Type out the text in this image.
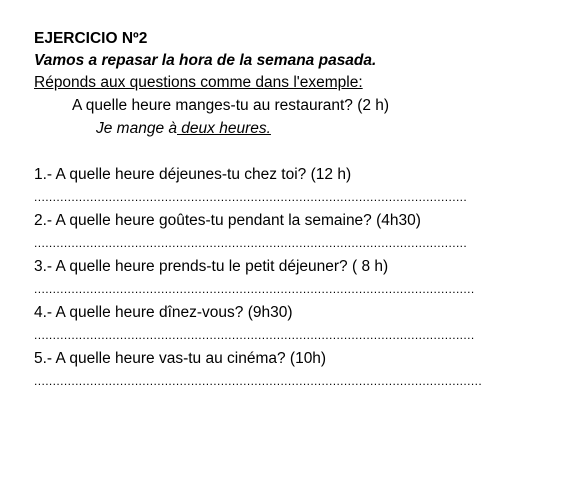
EJERCICIO Nº2
Vamos a repasar la hora de la semana pasada.
Réponds aux questions comme dans l'exemple:
A quelle heure manges-tu au restaurant? (2 h)
Je mange à deux heures.
1.- A quelle heure déjeunes-tu chez toi? (12 h)
....................................................................................................................
2.- A quelle heure goûtes-tu pendant la semaine? (4h30)
....................................................................................................................
3.- A quelle heure prends-tu le petit déjeuner? ( 8 h)
......................................................................................................................
4.- A quelle heure dînez-vous? (9h30)
......................................................................................................................
5.- A quelle heure vas-tu au cinéma? (10h)
........................................................................................................................
